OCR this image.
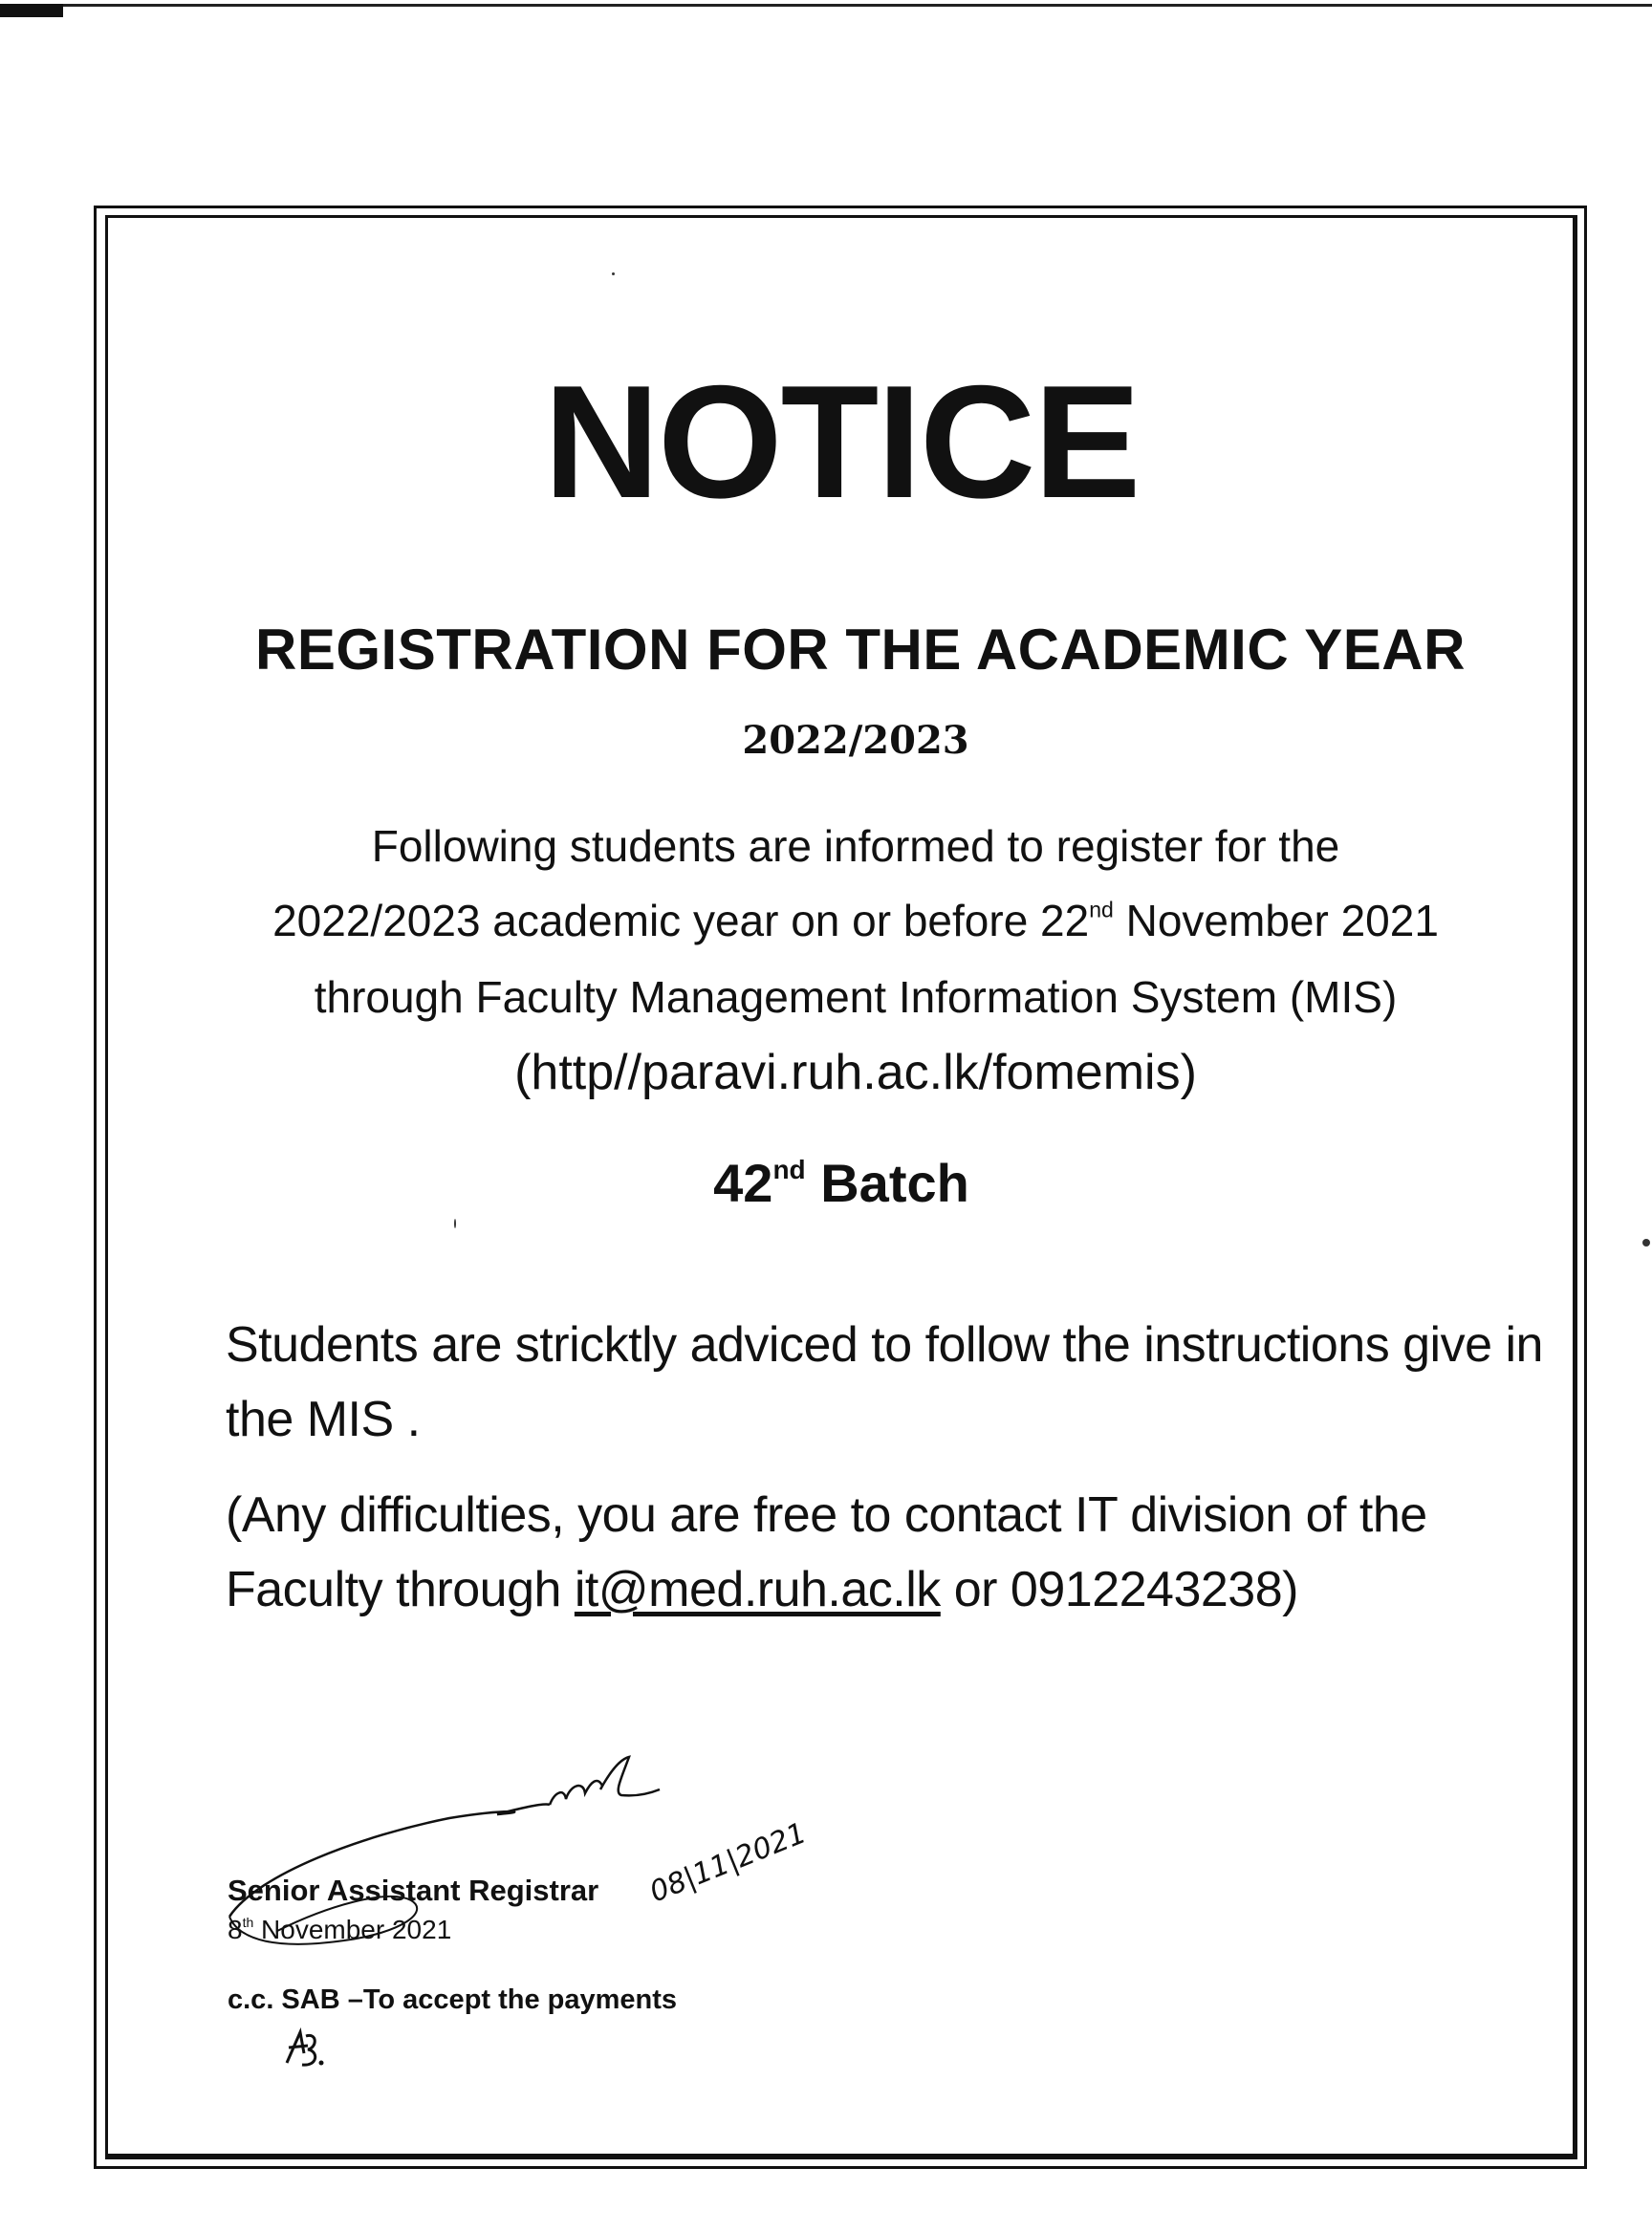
NOTICE
REGISTRATION FOR THE ACADEMIC YEAR
2022/2023
Following students are informed to register for the
2022/2023 academic year on or before 22nd November 2021
through Faculty Management Information System (MIS)
(http//paravi.ruh.ac.lk/fomemis)
42nd Batch

Students are stricktly adviced to follow the instructions give in the MIS .

(Any difficulties, you are free to contact IT division of the Faculty through it@med.ruh.ac.lk or 0912243238)

08|11|2021

Senior Assistant Registrar

8th November 2021
c.c. SAB –To accept the payments
